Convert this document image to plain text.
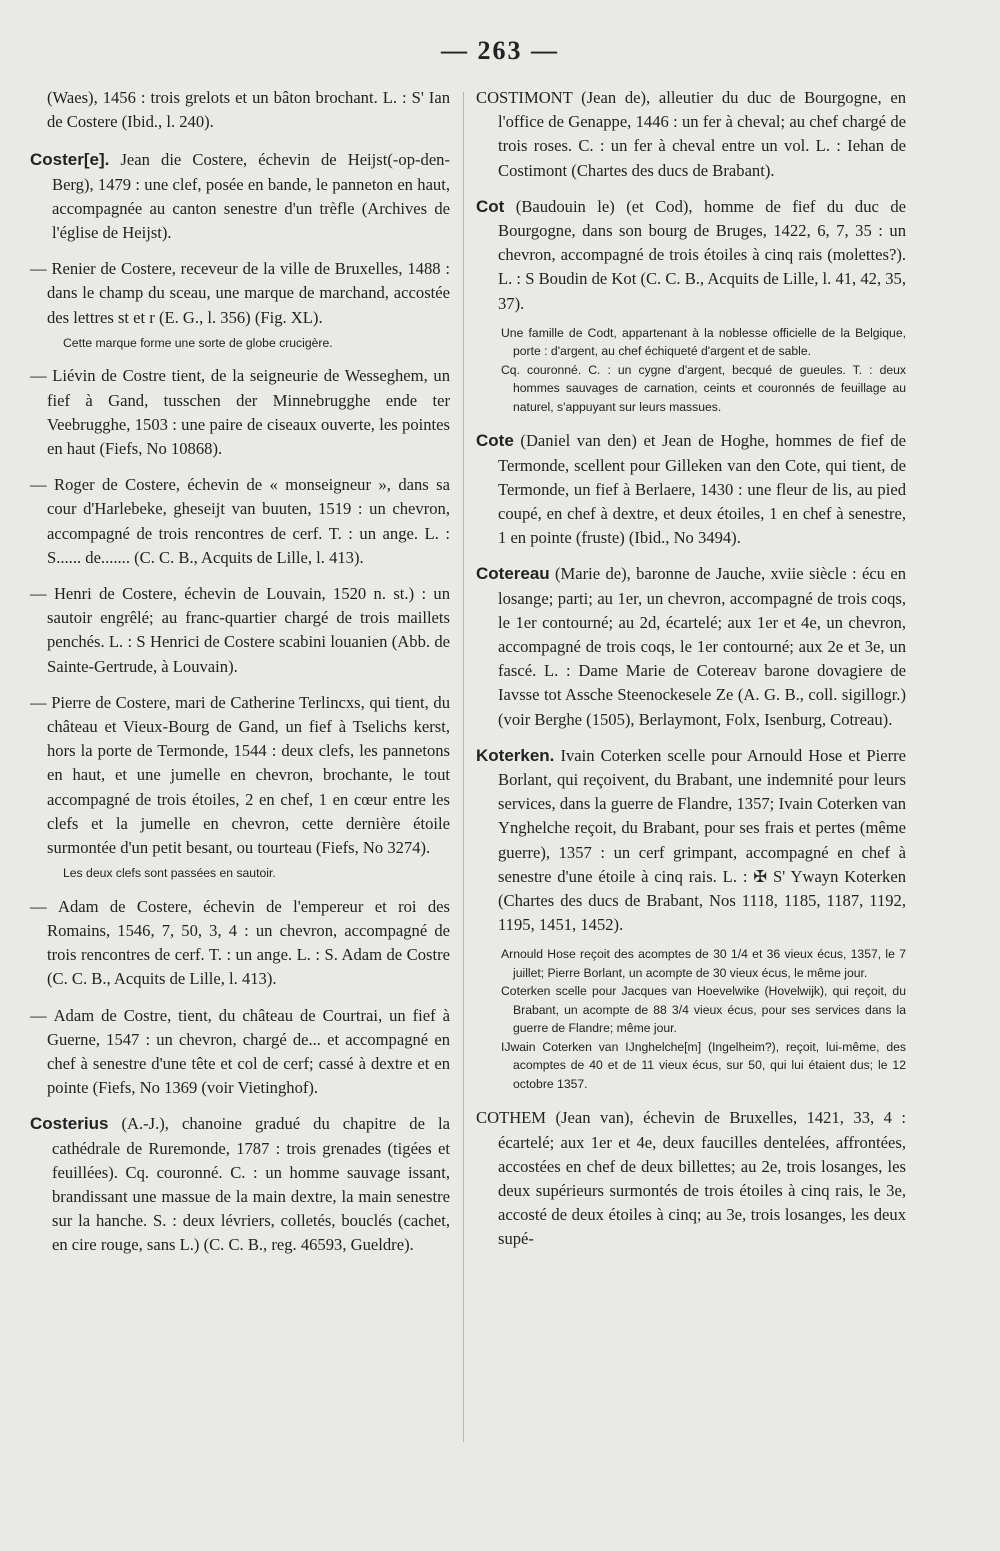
— 263 —

(Waes), 1456 : trois grelots et un bâton brochant. L. : S' Ian de Costere (Ibid., l. 240).

Coster[e]. Jean die Costere, échevin de Heijst(-op-den-Berg), 1479 : une clef, posée en bande, le panneton en haut, accompagnée au canton senestre d'un trèfle (Archives de l'église de Heijst).

— Renier de Costere, receveur de la ville de Bruxelles, 1488 : dans le champ du sceau, une marque de marchand, accostée des lettres st et r (E. G., l. 356) (Fig. XL).

Cette marque forme une sorte de globe crucigère.

— Liévin de Costre tient, de la seigneurie de Wesseghem, un fief à Gand, tusschen der Minnebrugghe ende ter Veebrugghe, 1503 : une paire de ciseaux ouverte, les pointes en haut (Fiefs, No 10868).

— Roger de Costere, échevin de « monseigneur », dans sa cour d'Harlebeke, gheseijt van buuten, 1519 : un chevron, accompagné de trois rencontres de cerf. T. : un ange. L. : S...... de....... (C. C. B., Acquits de Lille, l. 413).

— Henri de Costere, échevin de Louvain, 1520 n. st.) : un sautoir engrêlé; au franc-quartier chargé de trois maillets penchés. L. : S Henrici de Costere scabini louanien (Abb. de Sainte-Gertrude, à Louvain).

— Pierre de Costere, mari de Catherine Terlincxs, qui tient, du château et Vieux-Bourg de Gand, un fief à Tselichs kerst, hors la porte de Termonde, 1544 : deux clefs, les pannetons en haut, et une jumelle en chevron, brochante, le tout accompagné de trois étoiles, 2 en chef, 1 en cœur entre les clefs et la jumelle en chevron, cette dernière étoile surmontée d'un petit besant, ou tourteau (Fiefs, No 3274).

Les deux clefs sont passées en sautoir.

— Adam de Costere, échevin de l'empereur et roi des Romains, 1546, 7, 50, 3, 4 : un chevron, accompagné de trois rencontres de cerf. T. : un ange. L. : S. Adam de Costre (C. C. B., Acquits de Lille, l. 413).

— Adam de Costre, tient, du château de Courtrai, un fief à Guerne, 1547 : un chevron, chargé de... et accompagné en chef à senestre d'une tête et col de cerf; cassé à dextre et en pointe (Fiefs, No 1369 (voir Vietinghof).

Costerius (A.-J.), chanoine gradué du chapitre de la cathédrale de Ruremonde, 1787 : trois grenades (tigées et feuillées). Cq. couronné. C. : un homme sauvage issant, brandissant une massue de la main dextre, la main senestre sur la hanche. S. : deux lévriers, colletés, bouclés (cachet, en cire rouge, sans L.) (C. C. B., reg. 46593, Gueldre).

COSTIMONT (Jean de), alleutier du duc de Bourgogne, en l'office de Genappe, 1446 : un fer à cheval; au chef chargé de trois roses. C. : un fer à cheval entre un vol. L. : Iehan de Costimont (Chartes des ducs de Brabant).

Cot (Baudouin le) (et Cod), homme de fief du duc de Bourgogne, dans son bourg de Bruges, 1422, 6, 7, 35 : un chevron, accompagné de trois étoiles à cinq rais (molettes?). L. : S Boudin de Kot (C. C. B., Acquits de Lille, l. 41, 42, 35, 37).

Une famille de Codt, appartenant à la noblesse officielle de la Belgique, porte : d'argent, au chef échiqueté d'argent et de sable.

Cq. couronné. C. : un cygne d'argent, becqué de gueules. T. : deux hommes sauvages de carnation, ceints et couronnés de feuillage au naturel, s'appuyant sur leurs massues.

Cote (Daniel van den) et Jean de Hoghe, hommes de fief de Termonde, scellent pour Gilleken van den Cote, qui tient, de Termonde, un fief à Berlaere, 1430 : une fleur de lis, au pied coupé, en chef à dextre, et deux étoiles, 1 en chef à senestre, 1 en pointe (fruste) (Ibid., No 3494).

Cotereau (Marie de), baronne de Jauche, xviie siècle : écu en losange; parti; au 1er, un chevron, accompagné de trois coqs, le 1er contourné; au 2d, écartelé; aux 1er et 4e, un chevron, accompagné de trois coqs, le 1er contourné; aux 2e et 3e, un fascé. L. : Dame Marie de Cotereav barone dovagiere de Iavsse tot Assche Steenockesele Ze (A. G. B., coll. sigillogr.) (voir Berghe (1505), Berlaymont, Folx, Isenburg, Cotreau).

Koterken. Ivain Coterken scelle pour Arnould Hose et Pierre Borlant, qui reçoivent, du Brabant, une indemnité pour leurs services, dans la guerre de Flandre, 1357; Ivain Coterken van Ynghelche reçoit, du Brabant, pour ses frais et pertes (même guerre), 1357 : un cerf grimpant, accompagné en chef à senestre d'une étoile à cinq rais. L. : ✠ S' Ywayn Koterken (Chartes des ducs de Brabant, Nos 1118, 1185, 1187, 1192, 1195, 1451, 1452).

Arnould Hose reçoit des acomptes de 30 1/4 et 36 vieux écus, 1357, le 7 juillet; Pierre Borlant, un acompte de 30 vieux écus, le même jour.

Coterken scelle pour Jacques van Hoevelwike (Hovelwijk), qui reçoit, du Brabant, un acompte de 88 3/4 vieux écus, pour ses services dans la guerre de Flandre; même jour.

IJwain Coterken van IJnghelche[m] (Ingelheim?), reçoit, lui-même, des acomptes de 40 et de 11 vieux écus, sur 50, qui lui étaient dus; le 12 octobre 1357.

COTHEM (Jean van), échevin de Bruxelles, 1421, 33, 4 : écartelé; aux 1er et 4e, deux faucilles dentelées, affrontées, accostées en chef de deux billettes; au 2e, trois losanges, les deux supérieurs surmontés de trois étoiles à cinq rais, le 3e, accosté de deux étoiles à cinq; au 3e, trois losanges, les deux supé-
